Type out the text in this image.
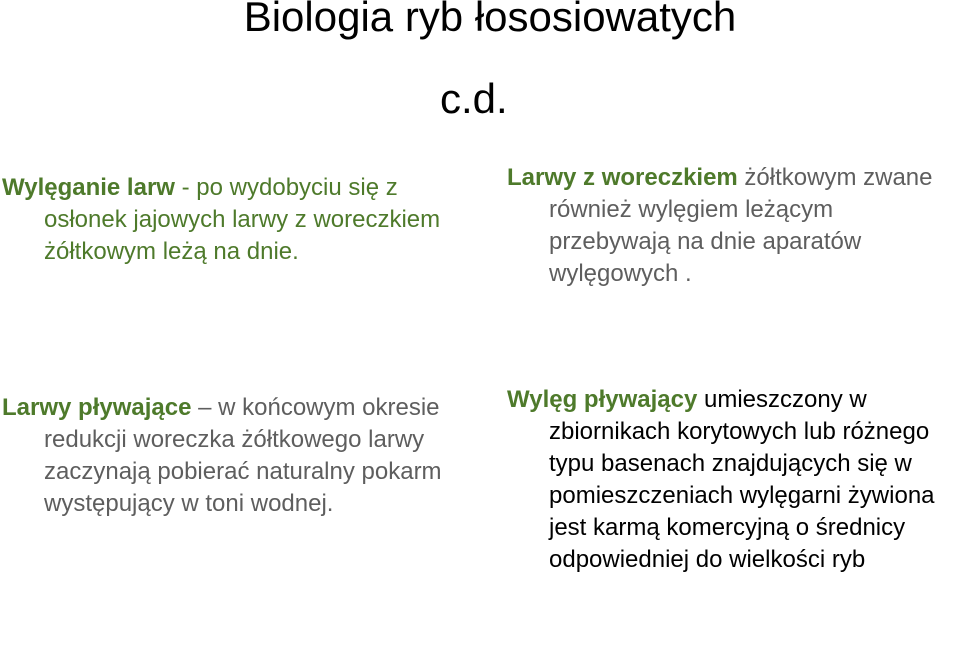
Biologia ryb łososiowatych
c.d.
Wylęganie larw - po wydobyciu się z osłonek jajowych larwy z woreczkiem żółtkowym leżą na dnie.
Larwy z woreczkiem żółtkowym zwane również wylęgiem leżącym przebywają na dnie aparatów wylęgowych .
Larwy pływające – w końcowym okresie redukcji woreczka żółtkowego larwy zaczynają pobierać naturalny pokarm występujący w toni wodnej.
Wylęg pływający umieszczony w zbiornikach korytowych lub różnego typu basenach znajdujących się w pomieszczeniach wylęgarni żywiona jest karmą komercyjną o średnicy odpowiedniej do wielkości ryb
